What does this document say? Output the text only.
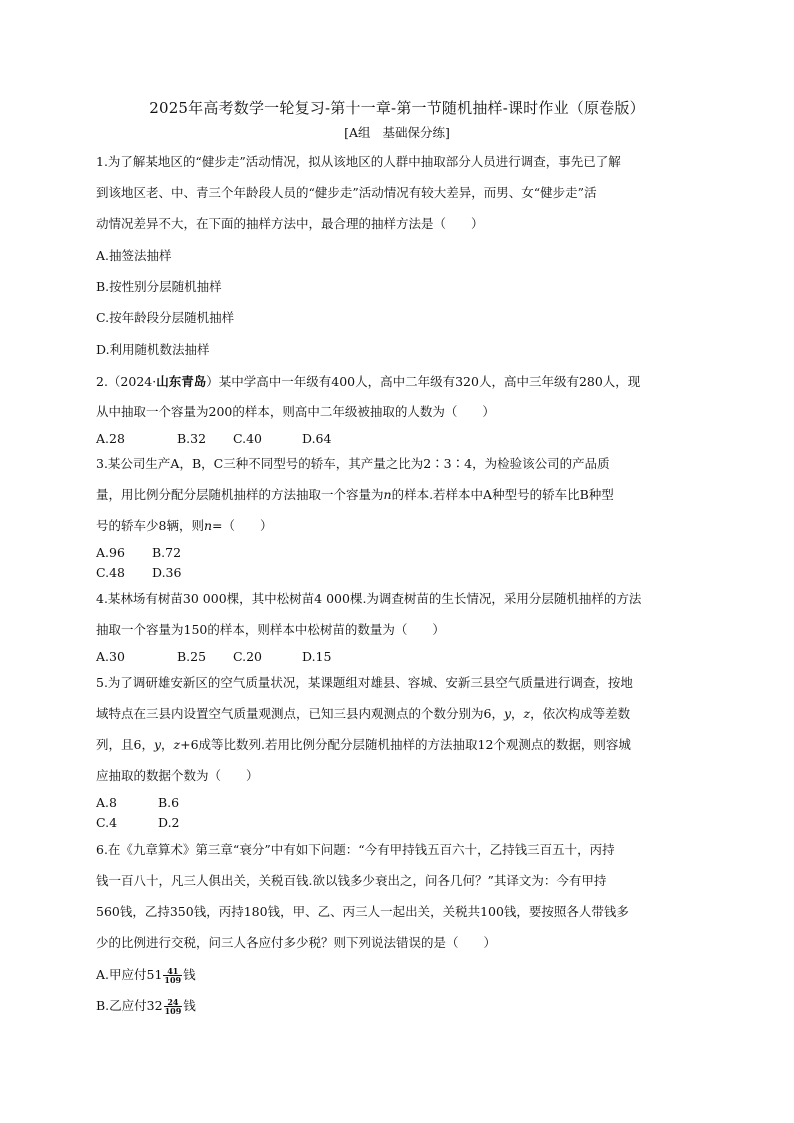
2025年高考数学一轮复习-第十一章-第一节随机抽样-课时作业（原卷版）
[A组 基础保分练]
1.为了解某地区的“健步走”活动情况，拟从该地区的人群中抽取部分人员进行调查，事先已了解
到该地区老、中、青三个年龄段人员的“健步走”活动情况有较大差异，而男、女“健步走”活
动情况差异不大，在下面的抽样方法中，最合理的抽样方法是（　　）
A.抽签法抽样
B.按性别分层随机抽样
C.按年龄段分层随机抽样
D.利用随机数法抽样
2.（2024·山东青岛）某中学高中一年级有400人，高中二年级有320人，高中三年级有280人，现
从中抽取一个容量为200的样本，则高中二年级被抽取的人数为（　　）
A.28	B.32 C.40	D.64
3.某公司生产A，B，C三种不同型号的轿车，其产量之比为2∶3∶4，为检验该公司的产品质
量，用比例分配分层随机抽样的方法抽取一个容量为n的样本.若样本中A种型号的轿车比B种型
号的轿车少8辆，则n=（　　）
A.96 B.72
C.48 D.36
4.某林场有树苗30 000棵，其中松树苗4 000棵.为调查树苗的生长情况，采用分层随机抽样的方法
抽取一个容量为150的样本，则样本中松树苗的数量为（　　）
A.30	B.25 C.20	D.15
5.为了调研雄安新区的空气质量状况，某课题组对雄县、容城、安新三县空气质量进行调查，按地
域特点在三县内设置空气质量观测点，已知三县内观测点的个数分别为6，y，z，依次构成等差数
列，且6，y，z+6成等比数列.若用比例分配分层随机抽样的方法抽取12个观测点的数据，则容城
应抽取的数据个数为（　　）
A.8	B.6
C.4	D.2
6.在《九章算术》第三章“衰分”中有如下问题：“今有甲持钱五百六十，乙持钱三百五十，丙持
钱一百八十，凡三人俱出关，关税百钱.欲以钱多少衰出之，问各几何？”其译文为：今有甲持
560钱，乙持350钱，丙持180钱，甲、乙、丙三人一起出关，关税共100钱，要按照各人带钱多
少的比例进行交税，问三人各应付多少税？则下列说法错误的是（　　）
A.甲应付$51 \frac{41}{109}$ 钱
B.乙应付$32 \frac{24}{109}$ 钱
